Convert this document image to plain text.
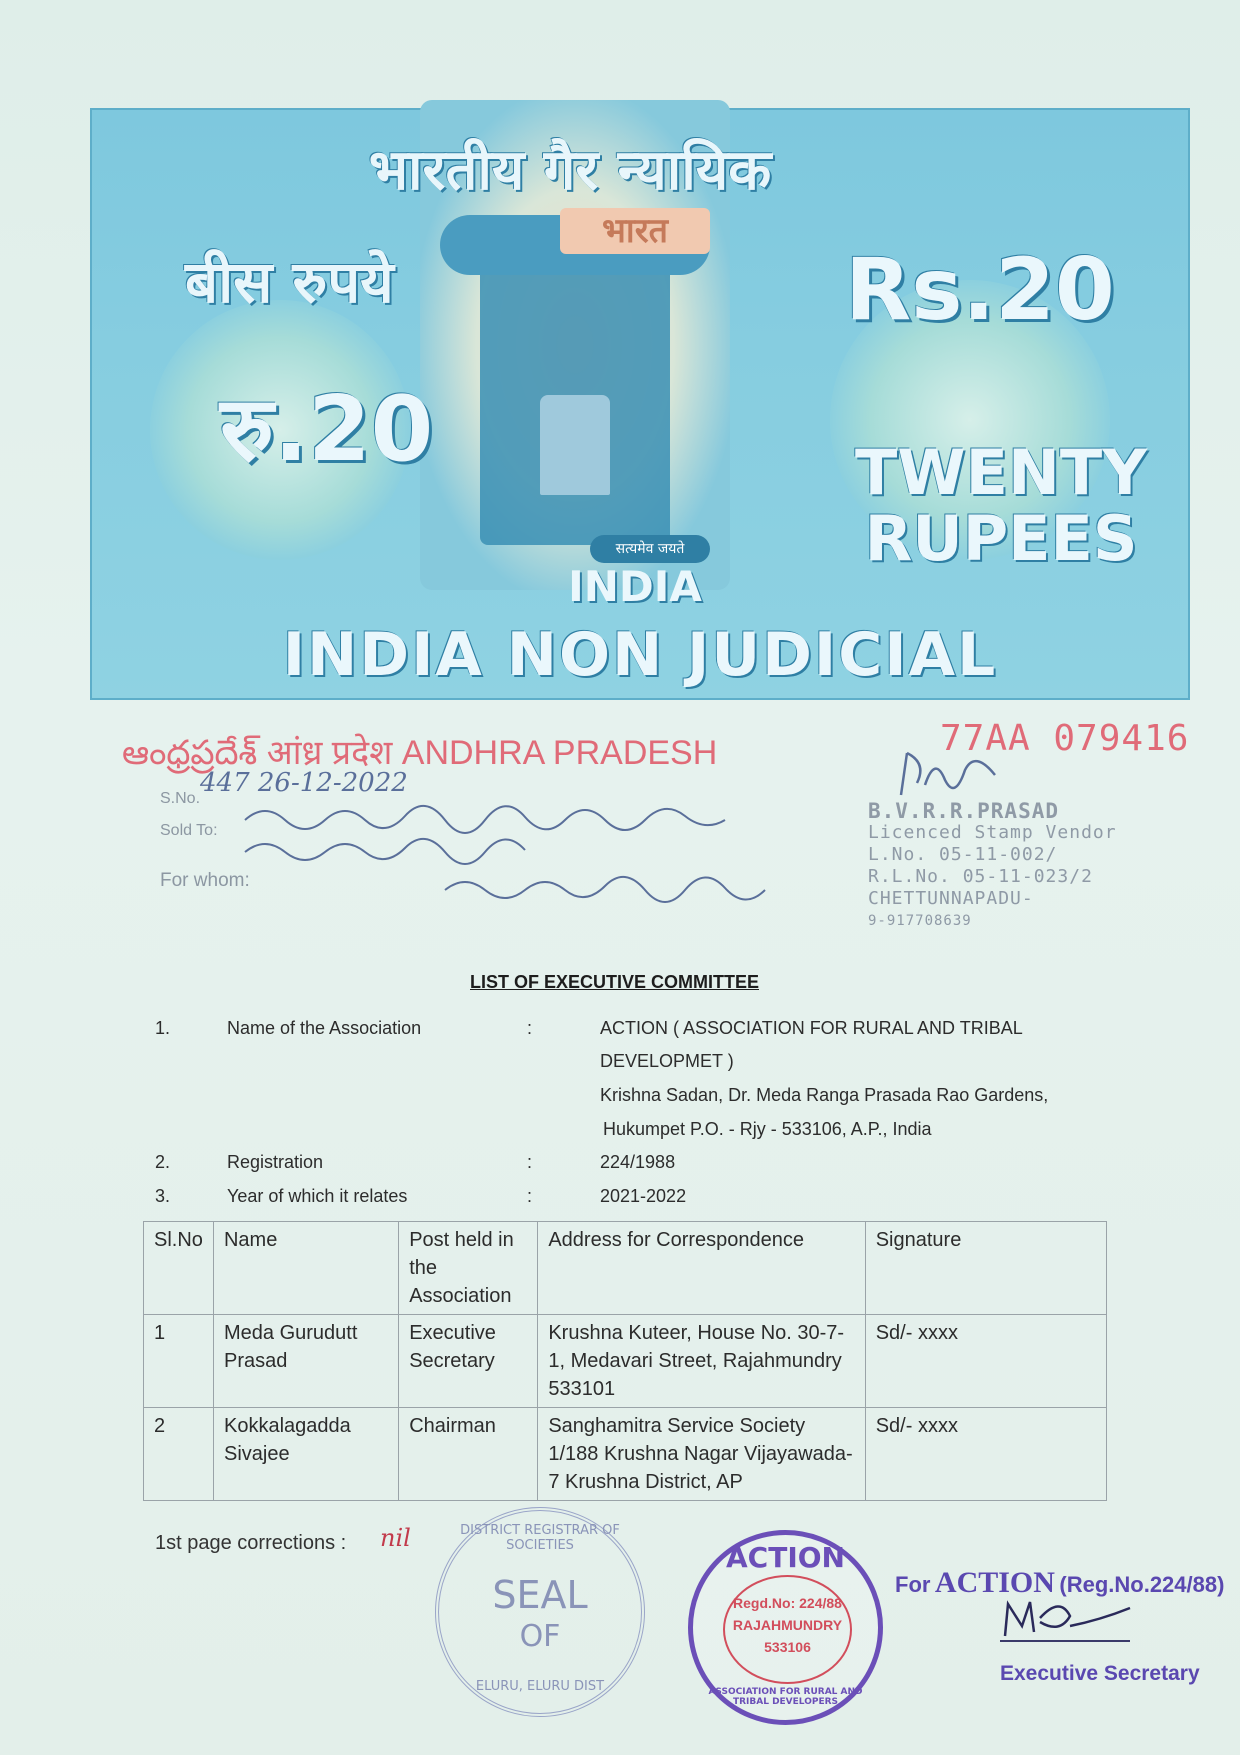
भारतीय गैर न्यायिक
भारत
बीस रुपये	Rs.20
रु.20	TWENTY
RUPEES
सत्यमेव जयते
INDIA
INDIA NON JUDICIAL
ఆంధ్రప్రదేశ్ आंध्र प्रदेश ANDHRA PRADESH	77AA 079416
447 26-12-2022
S.No.
Sold To:
For whom:
B.V.R.R.PRASAD
Licenced Stamp Vendor
L.No. 05-11-002/
R.L.No. 05-11-023/2
CHETTUNNAPADU-
9-917708639
LIST OF EXECUTIVE COMMITTEE
1.	Name of the Association	:	ACTION ( ASSOCIATION FOR RURAL AND TRIBAL
DEVELOPMET )
Krishna Sadan, Dr. Meda Ranga Prasada Rao Gardens,
Hukumpet P.O. - Rjy - 533106, A.P., India
2.	Registration	:	224/1988
3.	Year of which it relates	:	2021-2022
Sl.No	Name	Post held in the Association	Address for Correspondence	Signature
1	Meda Gurudutt Prasad	Executive Secretary	Krushna Kuteer, House No. 30-7-1, Medavari Street, Rajahmundry 533101	Sd/- xxxx
2	Kokkalagadda Sivajee	Chairman	Sanghamitra Service Society 1/188 Krushna Nagar Vijayawada-7 Krushna District, AP	Sd/- xxxx
1st page corrections : nil	DISTRICT REGISTRAR OF SOCIETIES
SEAL
OF
ELURU, ELURU DIST
ACTION
Regd.No: 224/88
RAJAHMUNDRY
533106
ASSOCIATION FOR RURAL AND TRIBAL DEVELOPERS
For ACTION (Reg.No.224/88)
Executive Secretary
